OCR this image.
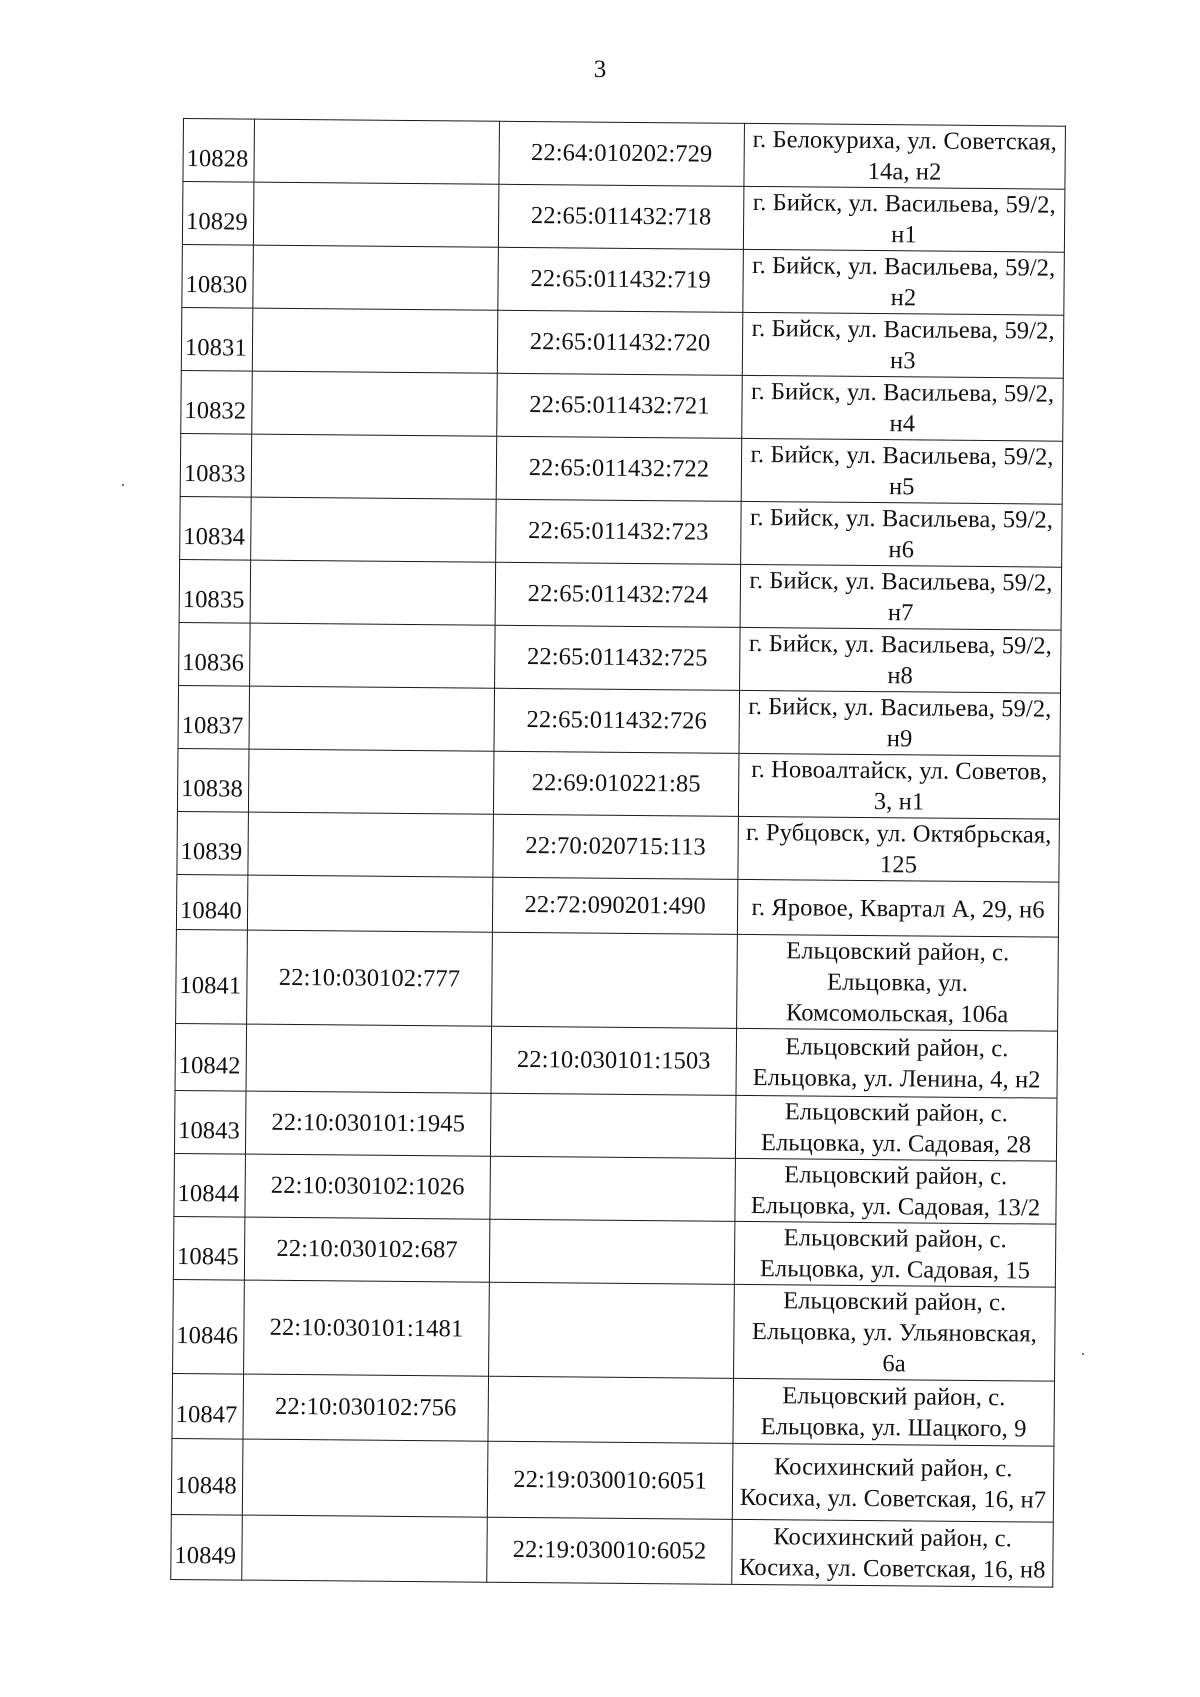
3
10828		22:64:010202:729	г. Белокуриха, ул. Советская, 14а, н2
10829		22:65:011432:718	г. Бийск, ул. Васильева, 59/2, н1
10830		22:65:011432:719	г. Бийск, ул. Васильева, 59/2, н2
10831		22:65:011432:720	г. Бийск, ул. Васильева, 59/2, н3
10832		22:65:011432:721	г. Бийск, ул. Васильева, 59/2, н4
10833		22:65:011432:722	г. Бийск, ул. Васильева, 59/2, н5
10834		22:65:011432:723	г. Бийск, ул. Васильева, 59/2, н6
10835		22:65:011432:724	г. Бийск, ул. Васильева, 59/2, н7
10836		22:65:011432:725	г. Бийск, ул. Васильева, 59/2, н8
10837		22:65:011432:726	г. Бийск, ул. Васильева, 59/2, н9
10838		22:69:010221:85	г. Новоалтайск, ул. Советов, 3, н1
10839		22:70:020715:113	г. Рубцовск, ул. Октябрьская, 125
10840		22:72:090201:490	г. Яровое, Квартал А, 29, н6
10841	22:10:030102:777		Ельцовский район, с. Ельцовка, ул. Комсомольская, 106а
10842		22:10:030101:1503	Ельцовский район, с. Ельцовка, ул. Ленина, 4, н2
10843	22:10:030101:1945		Ельцовский район, с. Ельцовка, ул. Садовая, 28
10844	22:10:030102:1026		Ельцовский район, с. Ельцовка, ул. Садовая, 13/2
10845	22:10:030102:687		Ельцовский район, с. Ельцовка, ул. Садовая, 15
10846	22:10:030101:1481		Ельцовский район, с. Ельцовка, ул. Ульяновская, 6а
10847	22:10:030102:756		Ельцовский район, с. Ельцовка, ул. Шацкого, 9
10848		22:19:030010:6051	Косихинский район, с. Косиха, ул. Советская, 16, н7
10849		22:19:030010:6052	Косихинский район, с. Косиха, ул. Советская, 16, н8
